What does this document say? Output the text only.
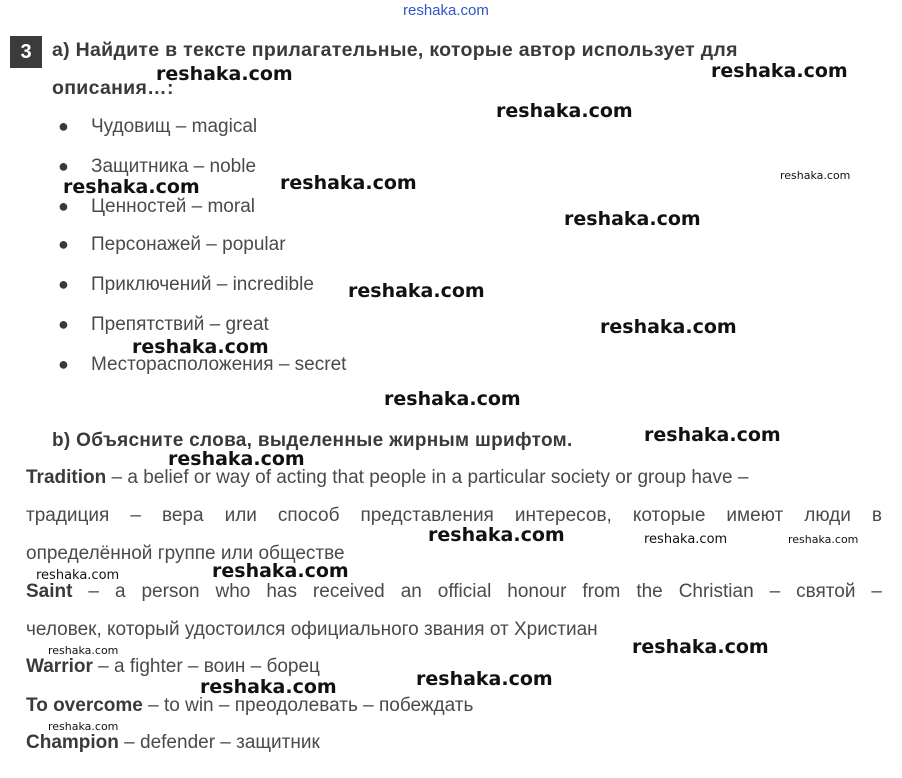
reshaka.com
3	a) Найдите в тексте прилагательные, которые автор использует для
описания…:
● Чудовищ – magical
● Защитника – noble
● Ценностей – moral
● Персонажей – popular
● Приключений – incredible
● Препятствий – great
● Месторасположения – secret
b) Объясните слова, выделенные жирным шрифтом.
Tradition – a belief or way of acting that people in a particular society or group have –
традиция – вера или способ представления интересов, которые имеют люди в
определённой группе или обществе
Saint – a person who has received an official honour from the Christian – святой –
человек, который удостоился официального звания от Христиан
Warrior – a fighter – воин – борец
To overcome – to win – преодолевать – побеждать
Champion – defender – защитник
reshaka.com	reshaka.com
reshaka.com
reshaka.com
reshaka.com
reshaka.com
reshaka.com
reshaka.com
reshaka.com
reshaka.com
reshaka.com
reshaka.com
reshaka.com
reshaka.com	reshaka.com	reshaka.com
reshaka.com
reshaka.com
reshaka.com
reshaka.com
reshaka.com
reshaka.com
reshaka.com
